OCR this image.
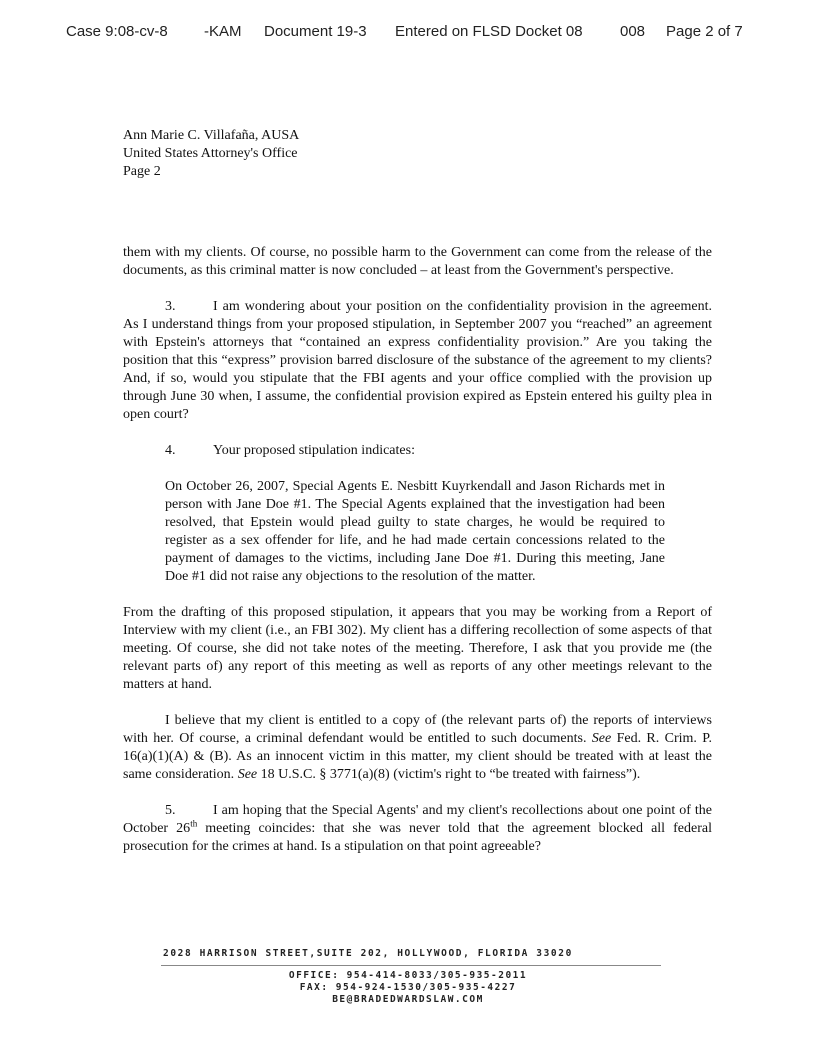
Case 9:08-cv-8 -KAM Document 19-3 Entered on FLSD Docket 08 008 Page 2 of 7
Ann Marie C. Villafaña, AUSA
United States Attorney's Office
Page 2

them with my clients. Of course, no possible harm to the Government can come from the release of the documents, as this criminal matter is now concluded – at least from the Government's perspective.

3.	I am wondering about your position on the confidentiality provision in the agreement. As I understand things from your proposed stipulation, in September 2007 you “reached” an agreement with Epstein's attorneys that “contained an express confidentiality provision.” Are you taking the position that this “express” provision barred disclosure of the substance of the agreement to my clients? And, if so, would you stipulate that the FBI agents and your office complied with the provision up through June 30 when, I assume, the confidential provision expired as Epstein entered his guilty plea in open court?

4.	Your proposed stipulation indicates:

On October 26, 2007, Special Agents E. Nesbitt Kuyrkendall and Jason Richards met in person with Jane Doe #1. The Special Agents explained that the investigation had been resolved, that Epstein would plead guilty to state charges, he would be required to register as a sex offender for life, and he had made certain concessions related to the payment of damages to the victims, including Jane Doe #1. During this meeting, Jane Doe #1 did not raise any objections to the resolution of the matter.

From the drafting of this proposed stipulation, it appears that you may be working from a Report of Interview with my client (i.e., an FBI 302). My client has a differing recollection of some aspects of that meeting. Of course, she did not take notes of the meeting. Therefore, I ask that you provide me (the relevant parts of) any report of this meeting as well as reports of any other meetings relevant to the matters at hand.

I believe that my client is entitled to a copy of (the relevant parts of) the reports of interviews with her. Of course, a criminal defendant would be entitled to such documents. See Fed. R. Crim. P. 16(a)(1)(A) & (B). As an innocent victim in this matter, my client should be treated with at least the same consideration. See 18 U.S.C. § 3771(a)(8) (victim's right to “be treated with fairness”).

5.	I am hoping that the Special Agents' and my client's recollections about one point of the October 26th meeting coincides: that she was never told that the agreement blocked all federal prosecution for the crimes at hand. Is a stipulation on that point agreeable?

2028 HARRISON STREET,SUITE 202, HOLLYWOOD, FLORIDA 33020
OFFICE: 954-414-8033/305-935-2011
FAX: 954-924-1530/305-935-4227
BE@BRADEDWARDSLAW.COM
